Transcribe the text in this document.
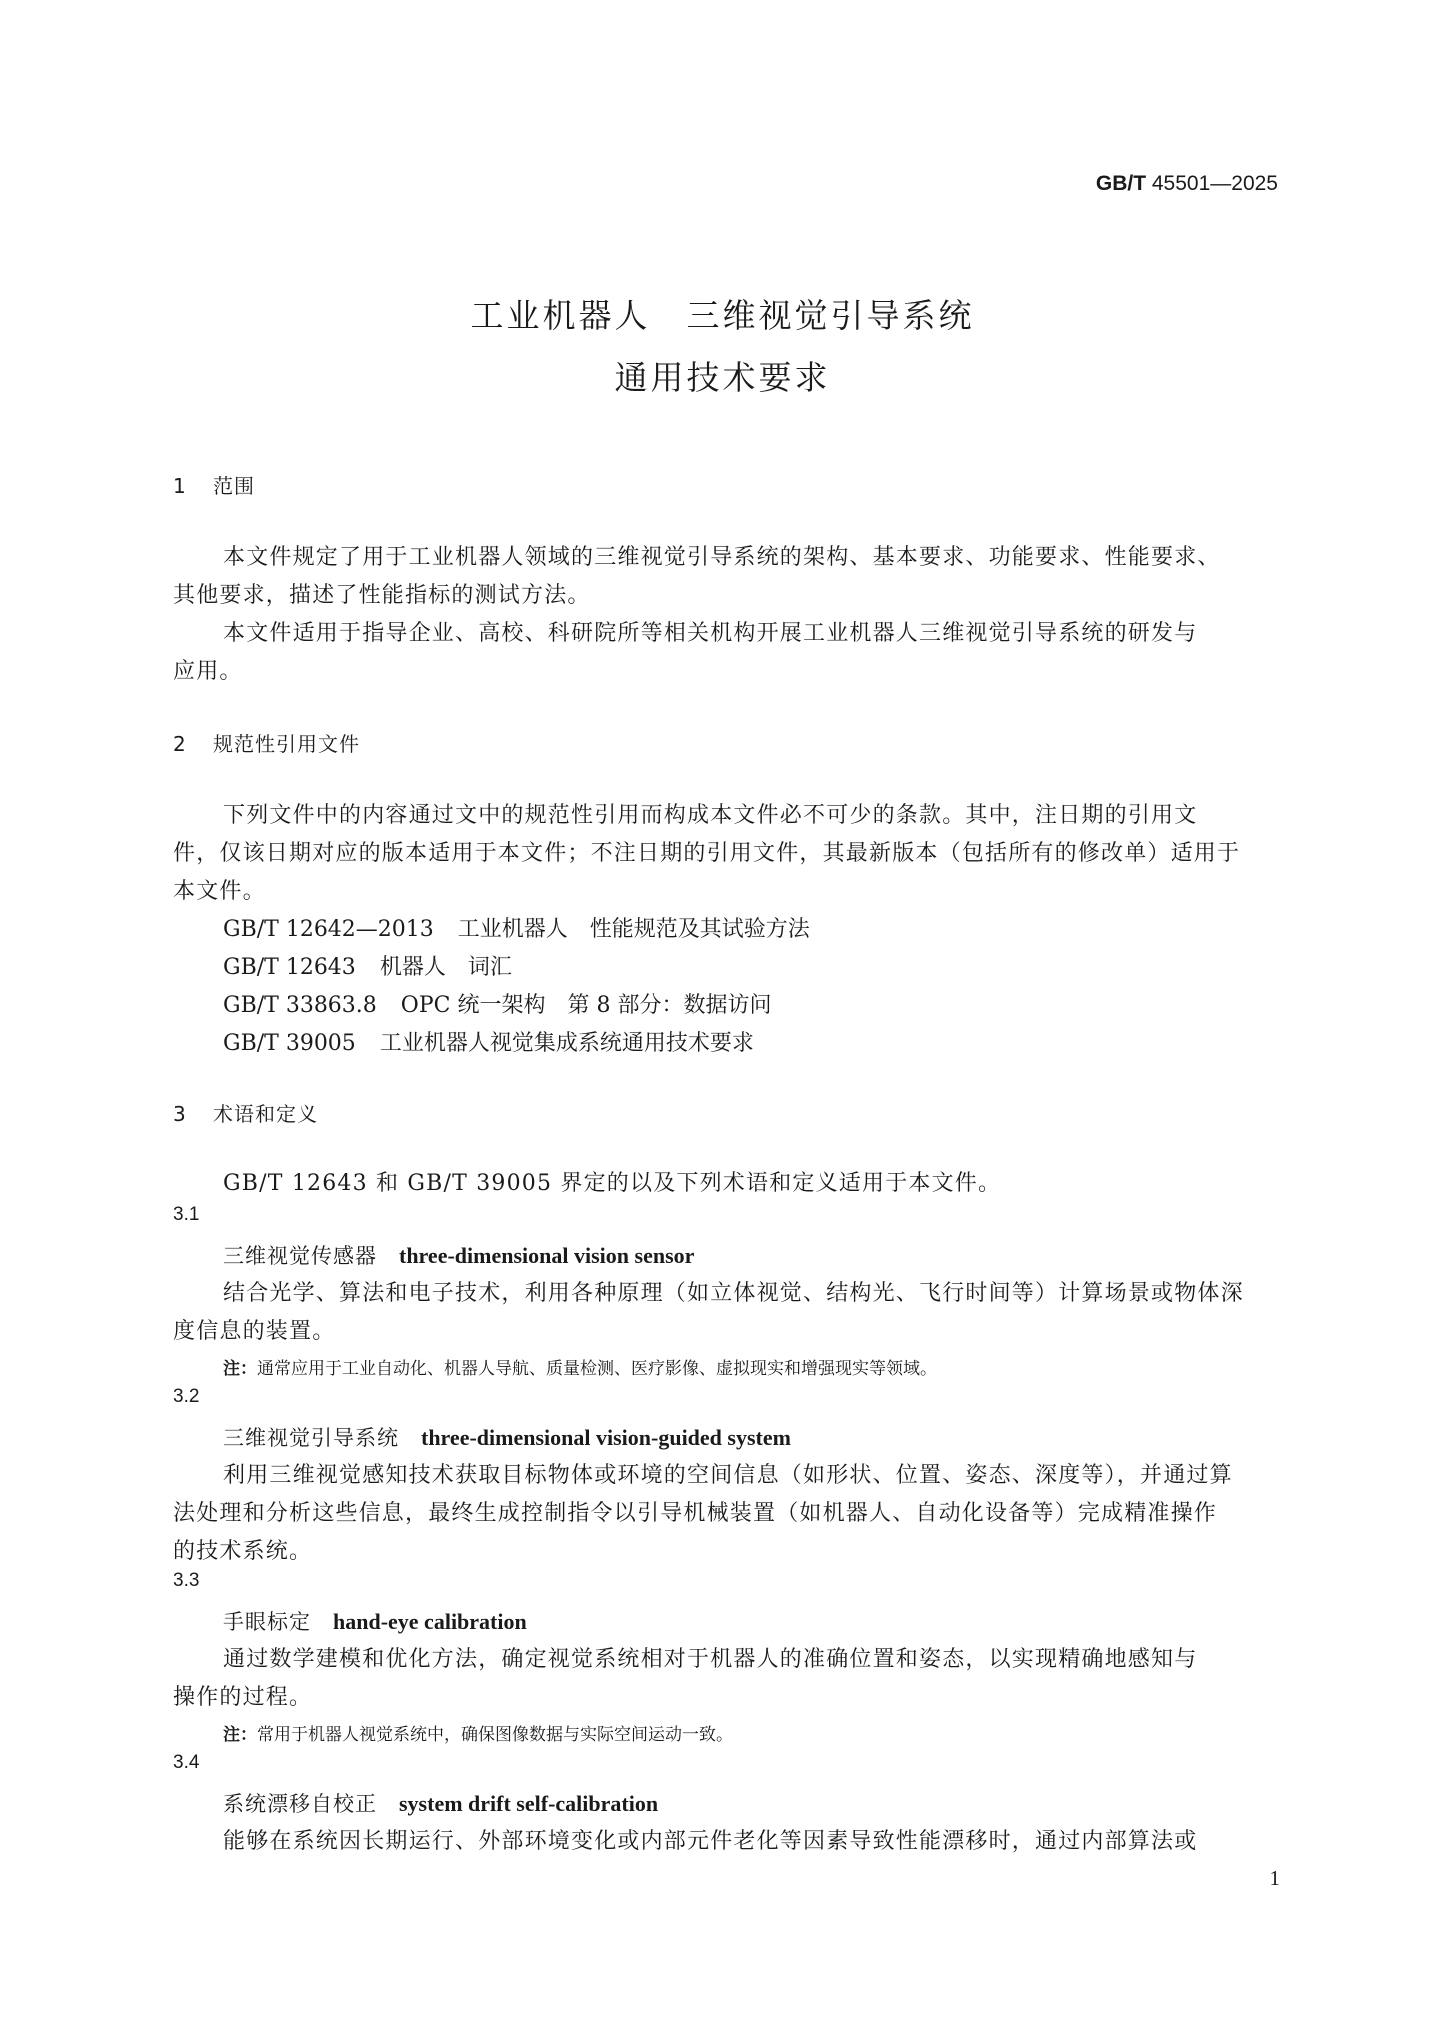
GB/T 45501—2025
工业机器人　三维视觉引导系统
通用技术要求
1 范围
本文件规定了用于工业机器人领域的三维视觉引导系统的架构、基本要求、功能要求、性能要求、
其他要求，描述了性能指标的测试方法。
本文件适用于指导企业、高校、科研院所等相关机构开展工业机器人三维视觉引导系统的研发与
应用。
2 规范性引用文件
下列文件中的内容通过文中的规范性引用而构成本文件必不可少的条款。其中，注日期的引用文
件，仅该日期对应的版本适用于本文件；不注日期的引用文件，其最新版本（包括所有的修改单）适用于
本文件。
GB/T 12642—2013 工业机器人　性能规范及其试验方法
GB/T 12643 机器人　词汇
GB/T 33863.8 OPC 统一架构　第 8 部分：数据访问
GB/T 39005 工业机器人视觉集成系统通用技术要求
3 术语和定义
GB/T 12643 和 GB/T 39005 界定的以及下列术语和定义适用于本文件。
3.1
三维视觉传感器 three-dimensional vision sensor
结合光学、算法和电子技术，利用各种原理（如立体视觉、结构光、飞行时间等）计算场景或物体深
度信息的装置。
注：通常应用于工业自动化、机器人导航、质量检测、医疗影像、虚拟现实和增强现实等领域。
3.2
三维视觉引导系统 three-dimensional vision-guided system
利用三维视觉感知技术获取目标物体或环境的空间信息（如形状、位置、姿态、深度等），并通过算
法处理和分析这些信息，最终生成控制指令以引导机械装置（如机器人、自动化设备等）完成精准操作
的技术系统。
3.3
手眼标定 hand-eye calibration
通过数学建模和优化方法，确定视觉系统相对于机器人的准确位置和姿态，以实现精确地感知与
操作的过程。
注：常用于机器人视觉系统中，确保图像数据与实际空间运动一致。
3.4
系统漂移自校正 system drift self-calibration
能够在系统因长期运行、外部环境变化或内部元件老化等因素导致性能漂移时，通过内部算法或
1
